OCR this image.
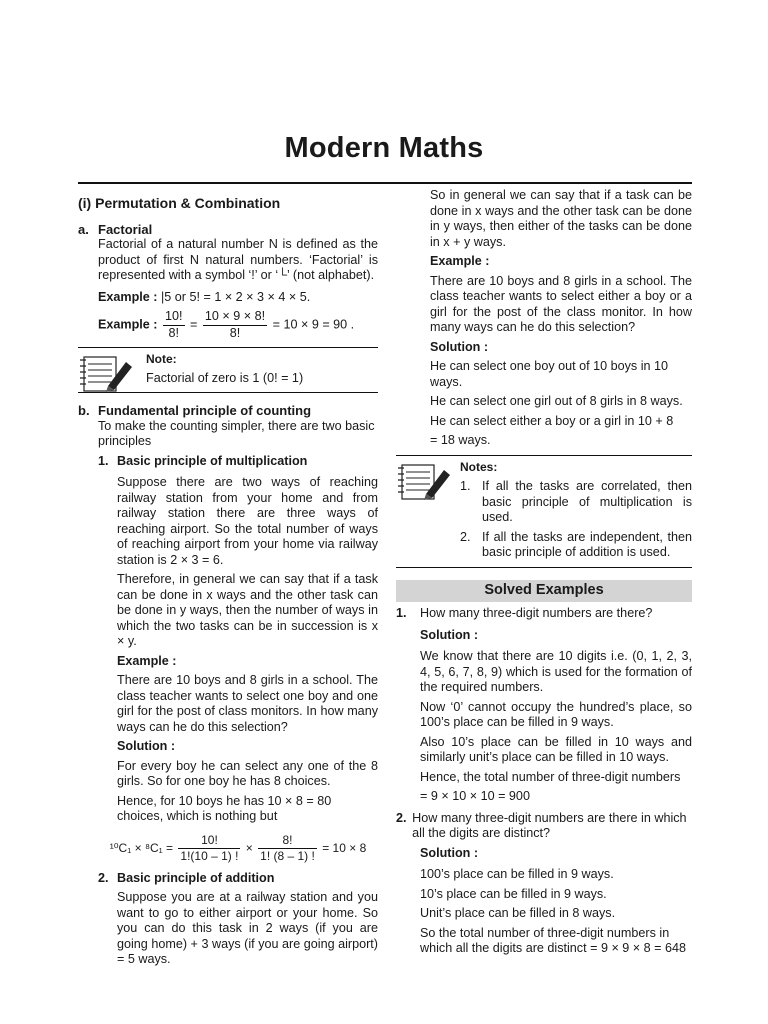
Modern Maths

(i) Permutation & Combination

a. Factorial

Factorial of a natural number N is defined as the product of first N natural numbers. ‘Factorial’ is represented with a symbol ‘!’ or ‘└’ (not alphabet).

Example : |5 or 5! = 1 × 2 × 3 × 4 × 5.

Example : $\frac{10!}{8!} = \frac{10 \times 9 \times 8!}{8!} = 10 \times 9 = 90$ .

Note:

Factorial of zero is 1 (0! = 1)

b. Fundamental principle of counting

To make the counting simpler, there are two basic principles

1. Basic principle of multiplication

Suppose there are two ways of reaching railway station from your home and from railway station there are three ways of reaching airport. So the total number of ways of reaching airport from your home via railway station is 2 × 3 = 6.

Therefore, in general we can say that if a task can be done in x ways and the other task can be done in y ways, then the number of ways in which the two tasks can be in succession is x × y.

Example :

There are 10 boys and 8 girls in a school. The class teacher wants to select one boy and one girl for the post of class monitors. In how many ways can he do this selection?

Solution :

For every boy he can select any one of the 8 girls. So for one boy he has 8 choices.

Hence, for 10 boys he has 10 × 8 = 80 choices, which is nothing but

$^{10}C_1 \times ^8C_1 = \frac{10!}{1!(10 - 1) !} \times \frac{8!}{1! (8 - 1) !} = 10 \times 8$
2. Basic principle of addition

Suppose you are at a railway station and you want to go to either airport or your home. So you can do this task in 2 ways (if you are going home) + 3 ways (if you are going airport) = 5 ways.

So in general we can say that if a task can be done in x ways and the other task can be done in y ways, then either of the tasks can be done in x + y ways.

Example :

There are 10 boys and 8 girls in a school. The class teacher wants to select either a boy or a girl for the post of the class monitor. In how many ways can he do this selection?

Solution :

He can select one boy out of 10 boys in 10 ways.

He can select one girl out of 8 girls in 8 ways.

He can select either a boy or a girl in 10 + 8

= 18 ways.

Notes:

1. If all the tasks are correlated, then basic principle of multiplication is used.
2. If all the tasks are independent, then basic principle of addition is used.
Solved Examples
1.	How many three-digit numbers are there?

Solution :

We know that there are 10 digits i.e. (0, 1, 2, 3, 4, 5, 6, 7, 8, 9) which is used for the formation of the required numbers.

Now ‘0’ cannot occupy the hundred’s place, so 100’s place can be filled in 9 ways.

Also 10’s place can be filled in 10 ways and similarly unit’s place can be filled in 10 ways.

Hence, the total number of three-digit numbers

= 9 × 10 × 10 = 900

2. How many three-digit numbers are there in which all the digits are distinct?

Solution :

100’s place can be filled in 9 ways.

10’s place can be filled in 9 ways.

Unit’s place can be filled in 8 ways.

So the total number of three-digit numbers in which all the digits are distinct = 9 × 9 × 8 = 648
